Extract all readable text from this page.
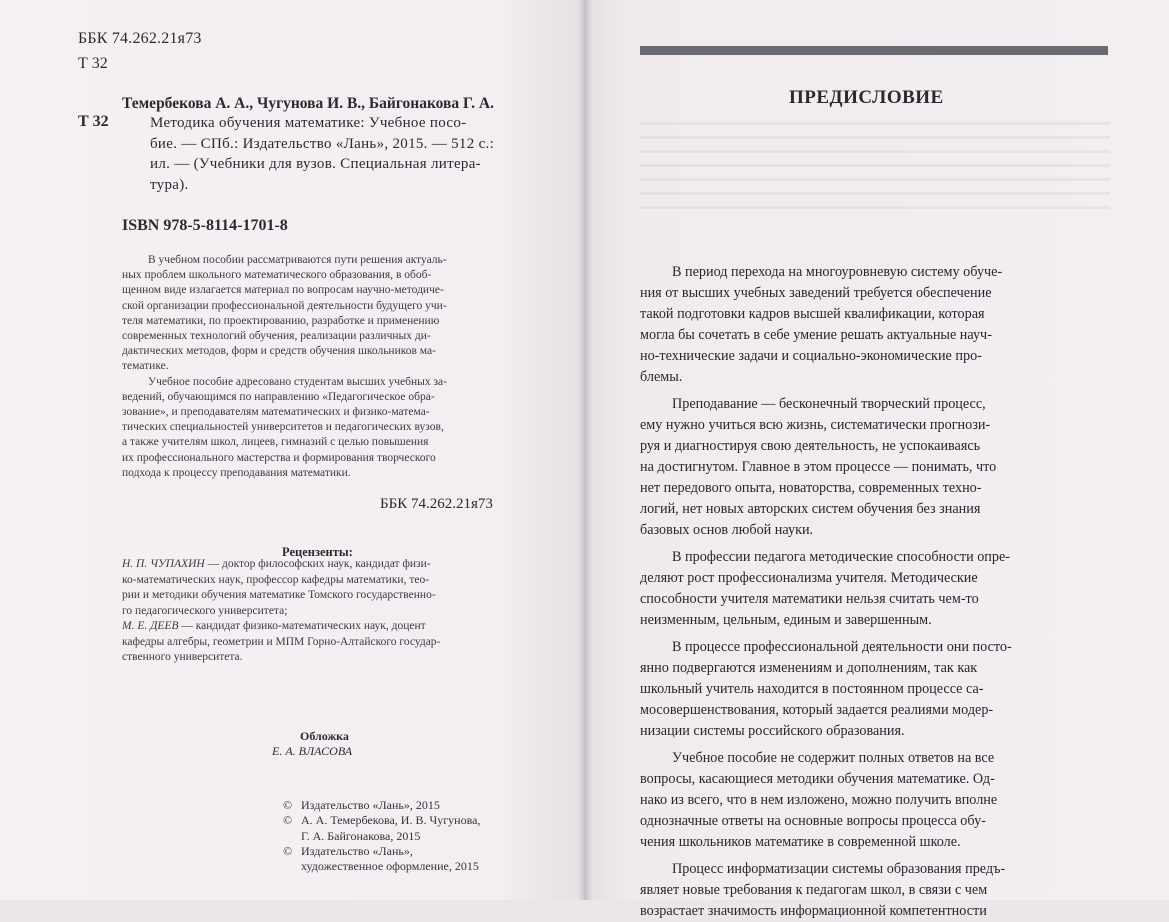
ББК 74.262.21я73
Т 32
Темербекова А. А., Чугунова И. В., Байгонакова Г. А.
Т 32	Методика обучения математике: Учебное посо-
бие. — СПб.: Издательство «Лань», 2015. — 512 с.:
ил. — (Учебники для вузов. Специальная литера-
тура).
ISBN 978-5-8114-1701-8
В учебном пособии рассматриваются пути решения актуаль-
ных проблем школьного математического образования, в обоб-
щенном виде излагается материал по вопросам научно-методиче-
ской организации профессиональной деятельности будущего учи-
теля математики, по проектированию, разработке и применению
современных технологий обучения, реализации различных ди-
дактических методов, форм и средств обучения школьников ма-
тематике.
Учебное пособие адресовано студентам высших учебных за-
ведений, обучающимся по направлению «Педагогическое обра-
зование», и преподавателям математических и физико-матема-
тических специальностей университетов и педагогических вузов,
а также учителям школ, лицеев, гимназий с целью повышения
их профессионального мастерства и формирования творческого
подхода к процессу преподавания математики.
ББК 74.262.21я73
Рецензенты:
Н. П. ЧУПАХИН — доктор философских наук, кандидат физи-
ко-математических наук, профессор кафедры математики, тео-
рии и методики обучения математике Томского государственно-
го педагогического университета;
М. Е. ДЕЕВ — кандидат физико-математических наук, доцент
кафедры алгебры, геометрии и МПМ Горно-Алтайского государ-
ственного университета.
Обложка
Е. А. ВЛАСОВА
© Издательство «Лань», 2015
© А. А. Темербекова, И. В. Чугунова,
Г. А. Байгонакова, 2015
© Издательство «Лань»,
художественное оформление, 2015
ПРЕДИСЛОВИЕ
В период перехода на многоуровневую систему обуче-
ния от высших учебных заведений требуется обеспечение
такой подготовки кадров высшей квалификации, которая
могла бы сочетать в себе умение решать актуальные науч-
но-технические задачи и социально-экономические про-
блемы.
Преподавание — бесконечный творческий процесс,
ему нужно учиться всю жизнь, систематически прогнози-
руя и диагностируя свою деятельность, не успокаиваясь
на достигнутом. Главное в этом процессе — понимать, что
нет передового опыта, новаторства, современных техно-
логий, нет новых авторских систем обучения без знания
базовых основ любой науки.
В профессии педагога методические способности опре-
деляют рост профессионализма учителя. Методические
способности учителя математики нельзя считать чем-то
неизменным, цельным, единым и завершенным.
В процессе профессиональной деятельности они посто-
янно подвергаются изменениям и дополнениям, так как
школьный учитель находится в постоянном процессе са-
мосовершенствования, который задается реалиями модер-
низации системы российского образования.
Учебное пособие не содержит полных ответов на все
вопросы, касающиеся методики обучения математике. Од-
нако из всего, что в нем изложено, можно получить вполне
однозначные ответы на основные вопросы процесса обу-
чения школьников математике в современной школе.
Процесс информатизации системы образования предъ-
являет новые требования к педагогам школ, в связи с чем
возрастает значимость информационной компетентности
